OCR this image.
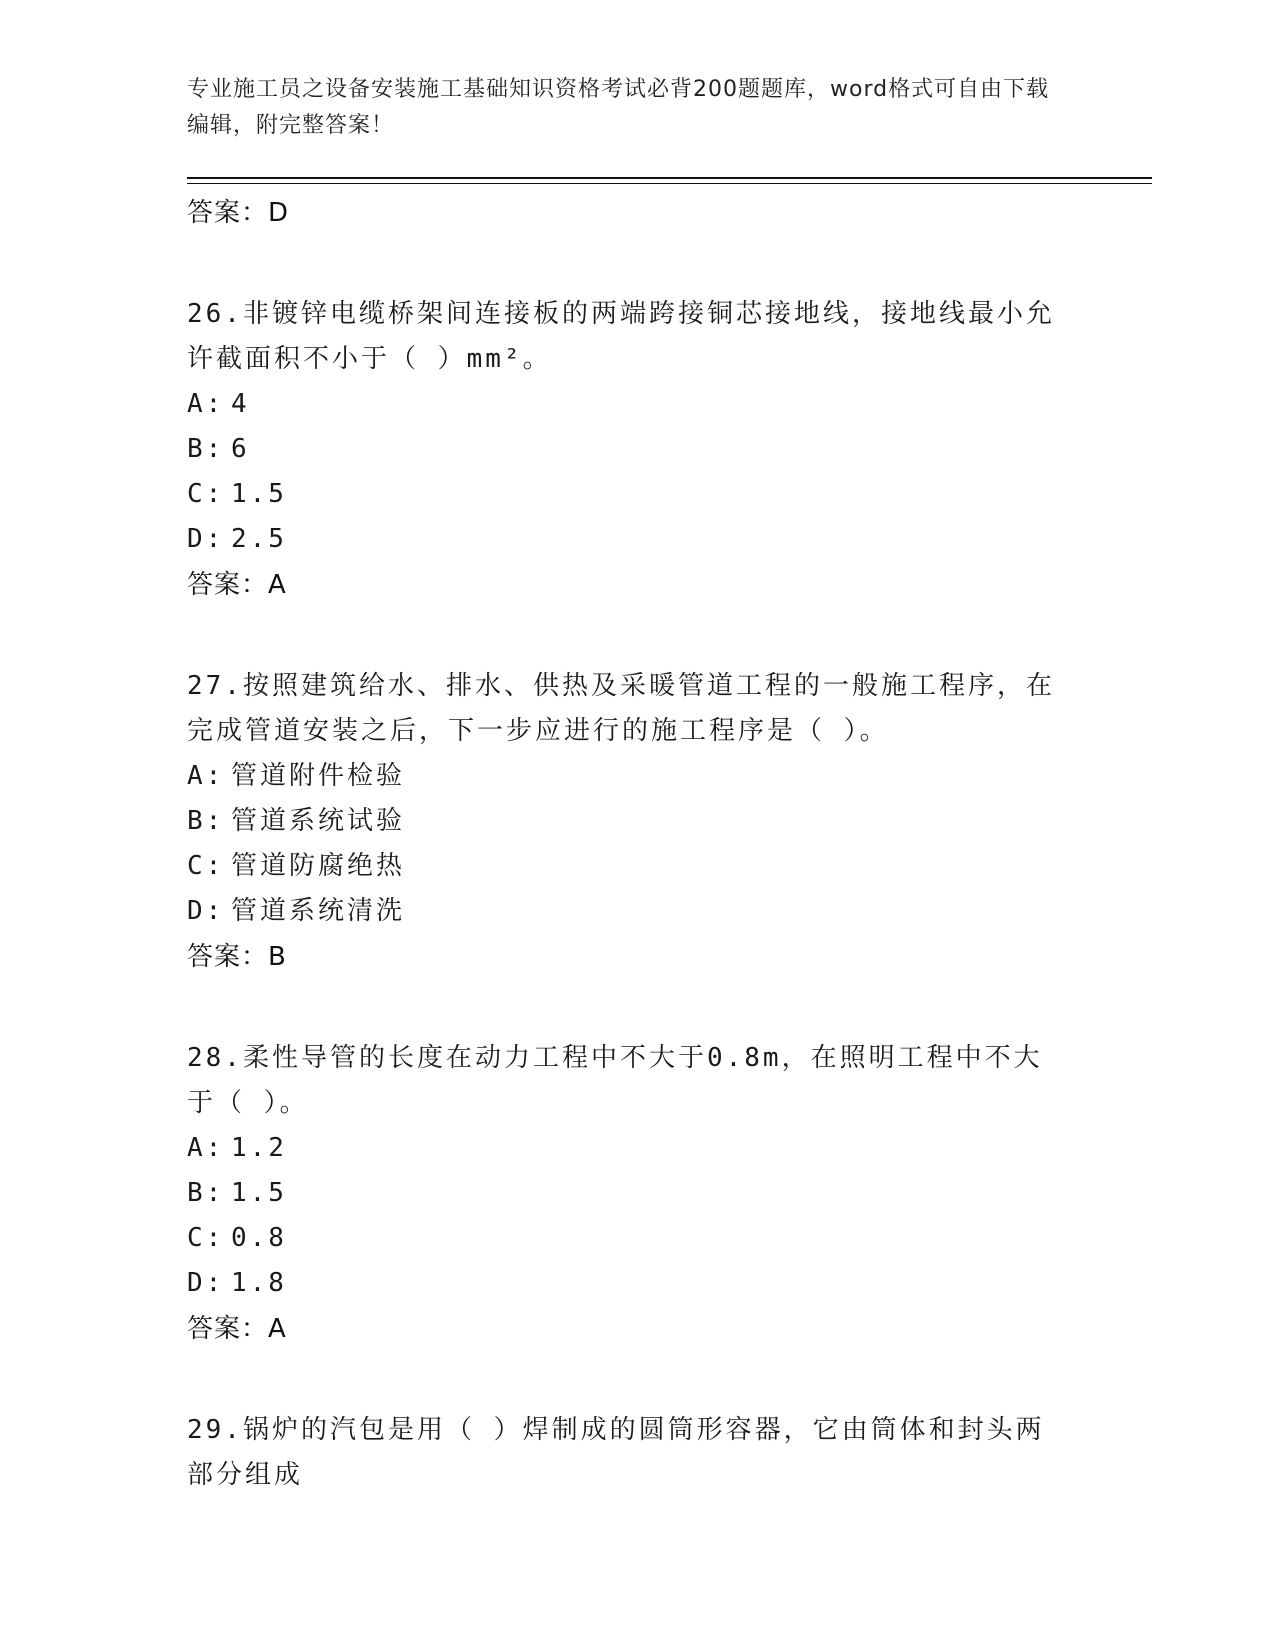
专业施工员之设备安装施工基础知识资格考试必背200题题库，word格式可自由下载编辑，附完整答案！
答案：D
26.非镀锌电缆桥架间连接板的两端跨接铜芯接地线，接地线最小允许截面积不小于（ ）mm²。
A: 4
B: 6
C: 1.5
D: 2.5
答案：A
27.按照建筑给水、排水、供热及采暖管道工程的一般施工程序，在完成管道安装之后，下一步应进行的施工程序是（ ）。
A: 管道附件检验
B: 管道系统试验
C: 管道防腐绝热
D: 管道系统清洗
答案：B
28.柔性导管的长度在动力工程中不大于0.8m，在照明工程中不大于（ ）。
A: 1.2
B: 1.5
C: 0.8
D: 1.8
答案：A
29.锅炉的汽包是用（ ）焊制成的圆筒形容器，它由筒体和封头两部分组成
